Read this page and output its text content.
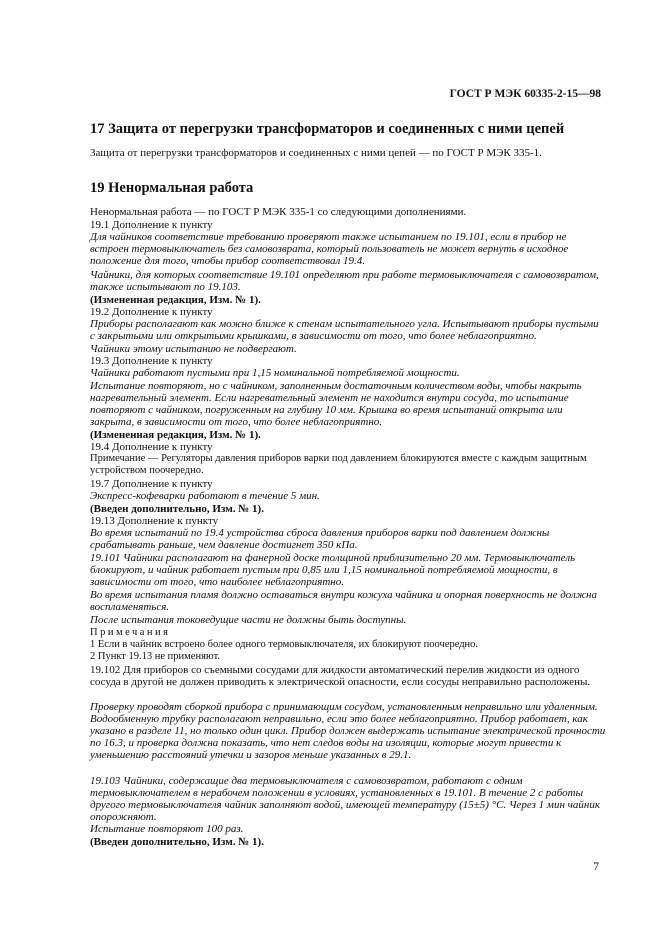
ГОСТ Р МЭК 60335-2-15—98
17 Защита от перегрузки трансформаторов и соединенных с ними цепей

Защита от перегрузки трансформаторов и соединенных с ними цепей — по ГОСТ Р МЭК 335-1.

19 Ненормальная работа

Ненормальная работа — по ГОСТ Р МЭК 335-1 со следующими дополнениями.

19.1 Дополнение к пункту

Для чайников соответствие требованию проверяют также испытанием по 19.101, если в прибор не встроен термовыключатель без самовозврата, который пользователь не может вернуть в исходное положение для того, чтобы прибор соответствовал 19.4.

Чайники, для которых соответствие 19.101 определяют при работе термовыключателя с самовозвратом, также испытывают по 19.103.

(Измененная редакция, Изм. № 1).

19.2 Дополнение к пункту

Приборы располагают как можно ближе к стенам испытательного угла. Испытывают приборы пустыми с закрытыми или открытыми крышками, в зависимости от того, что более неблагоприятно.

Чайники этому испытанию не подвергают.

19.3 Дополнение к пункту

Чайники работают пустыми при 1,15 номинальной потребляемой мощности.

Испытание повторяют, но с чайником, заполненным достаточным количеством воды, чтобы накрыть нагревательный элемент. Если нагревательный элемент не находится внутри сосуда, то испытание повторяют с чайником, погруженным на глубину 10 мм. Крышка во время испытаний открыта или закрыта, в зависимости от того, что более неблагоприятно.

(Измененная редакция, Изм. № 1).

19.4 Дополнение к пункту

Примечание — Регуляторы давления приборов варки под давлением блокируются вместе с каждым защитным устройством поочередно.

19.7 Дополнение к пункту

Экспресс-кофеварки работают в течение 5 мин.

(Введен дополнительно, Изм. № 1).

19.13 Дополнение к пункту

Во время испытаний по 19.4 устройства сброса давления приборов варки под давлением должны срабатывать раньше, чем давление достигнет 350 кПа.

19.101 Чайники располагают на фанерной доске толщиной приблизительно 20 мм. Термовыключатель блокируют, и чайник работает пустым при 0,85 или 1,15 номинальной потребляемой мощности, в зависимости от того, что наиболее неблагоприятно.

Во время испытания пламя должно оставаться внутри кожуха чайника и опорная поверхность не должна воспламеняться.

После испытания токоведущие части не должны быть доступны.

Примечания

1 Если в чайник встроено более одного термовыключателя, их блокируют поочередно.

2 Пункт 19.13 не применяют.

19.102 Для приборов со съемными сосудами для жидкости автоматический перелив жидкости из одного сосуда в другой не должен приводить к электрической опасности, если сосуды неправильно расположены.

Проверку проводят сборкой прибора с принимающим сосудом, установленным неправильно или удаленным. Водообменную трубку располагают неправильно, если это более неблагоприятно. Прибор работает, как указано в разделе 11, но только один цикл. Прибор должен выдержать испытание электрической прочности по 16.3, и проверка должна показать, что нет следов воды на изоляции, которые могут привести к уменьшению расстояний утечки и зазоров меньше указанных в 29.1.

19.103 Чайники, содержащие два термовыключателя с самовозвратом, работают с одним термовыключателем в нерабочем положении в условиях, установленных в 19.101. В течение 2 с работы другого термовыключателя чайник заполняют водой, имеющей температуру (15±5) °С. Через 1 мин чайник опорожняют.

Испытание повторяют 100 раз.

(Введен дополнительно, Изм. № 1).

7
